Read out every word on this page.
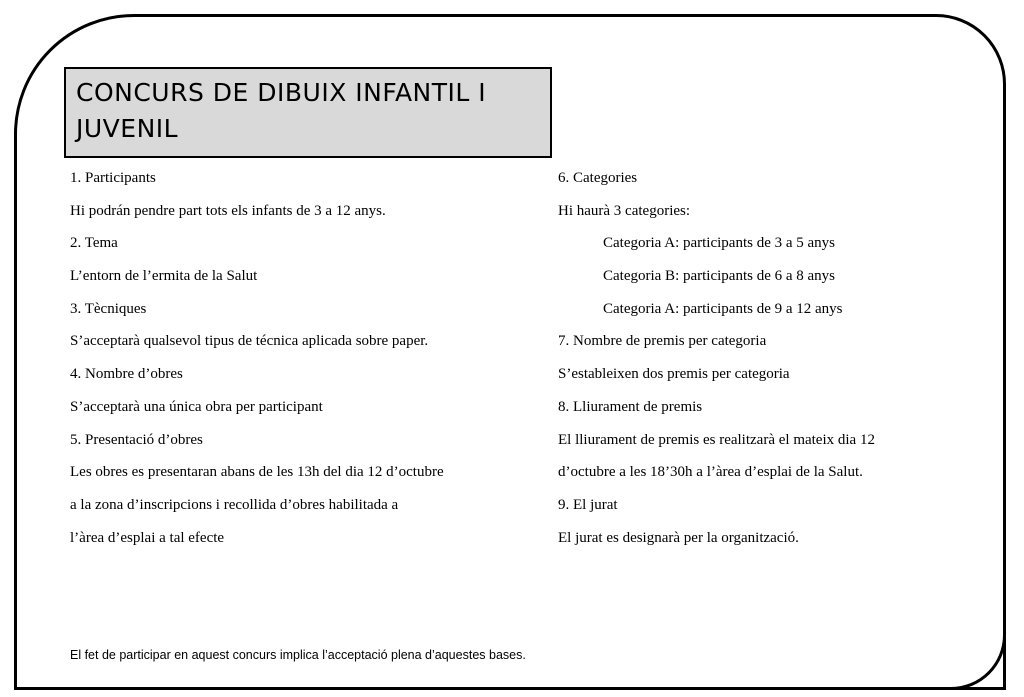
CONCURS DE DIBUIX INFANTIL I JUVENIL
1. Participants
Hi podrán pendre part tots els infants de 3 a 12 anys.
2. Tema
L’entorn de l’ermita de la Salut
3. Tècniques
S’acceptarà qualsevol tipus de técnica aplicada sobre paper.
4. Nombre d’obres
S’acceptarà una única obra per participant
5. Presentació d’obres
Les obres es presentaran abans de les 13h del dia 12 d’octubre
a la zona d’inscripcions i recollida d’obres habilitada a
l’àrea d’esplai a tal efecte
6. Categories
Hi haurà 3 categories:
Categoria A: participants de 3 a 5 anys
Categoria B: participants de 6 a 8 anys
Categoria A: participants de 9 a 12 anys
7. Nombre de premis per categoria
S’estableixen dos premis per categoria
8. Lliurament de premis
El lliurament de premis es realitzarà el mateix dia 12
d’octubre a les 18’30h a l’àrea d’esplai de la Salut.
9. El jurat
El jurat es designarà per la organització.
El fet de participar en aquest concurs implica l’acceptació plena d’aquestes bases.
